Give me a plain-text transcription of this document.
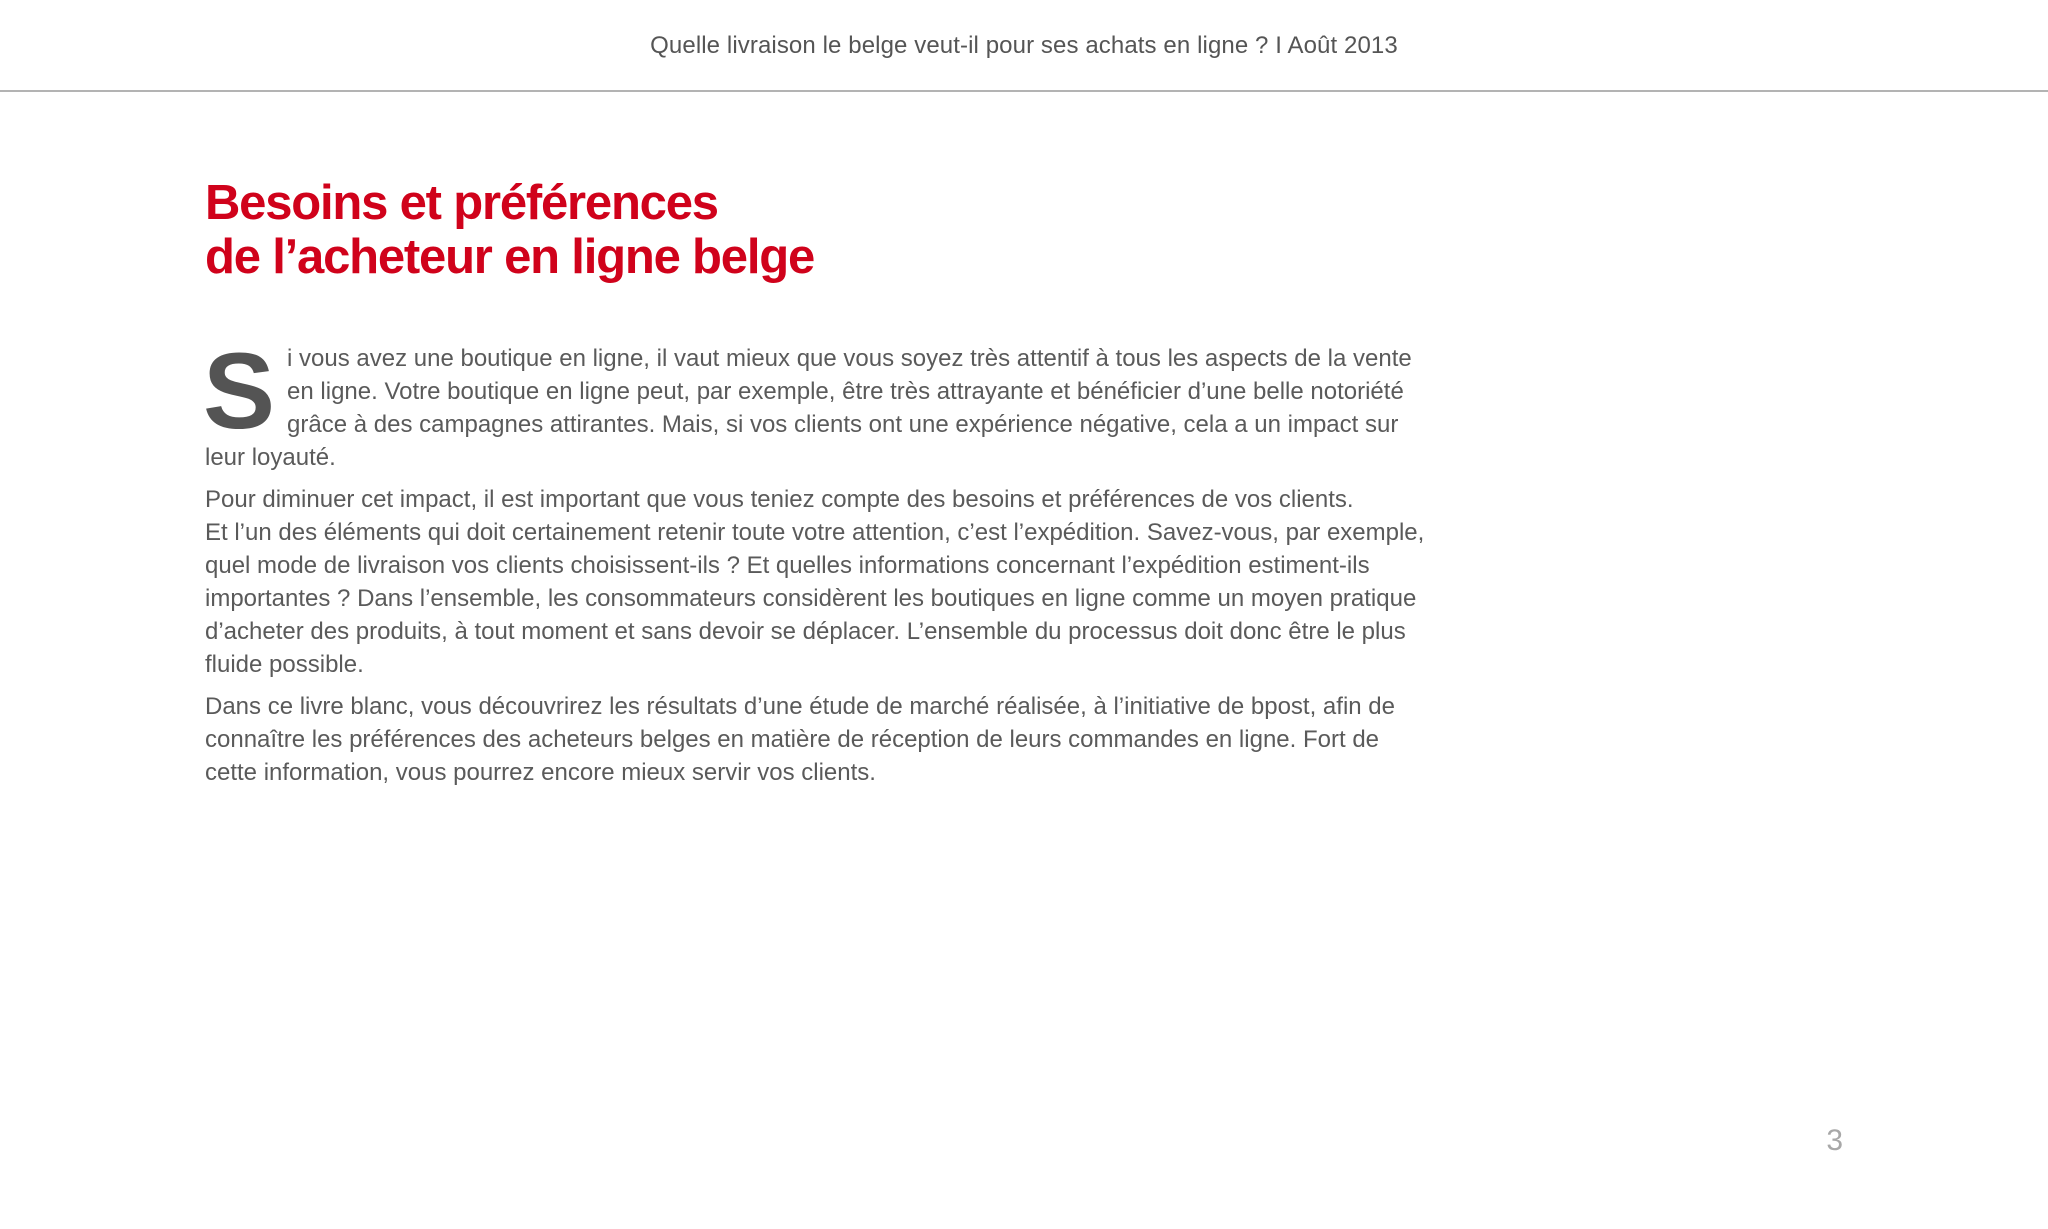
Quelle livraison le belge veut-il pour ses achats en ligne ? I Août 2013
Besoins et préférences
de l’acheteur en ligne belge

Si vous avez une boutique en ligne, il vaut mieux que vous soyez très attentif à tous les aspects de la vente en ligne. Votre boutique en ligne peut, par exemple, être très attrayante et bénéficier d’une belle notoriété grâce à des campagnes attirantes. Mais, si vos clients ont une expérience négative, cela a un impact sur leur loyauté.

Pour diminuer cet impact, il est important que vous teniez compte des besoins et préférences de vos clients.
Et l’un des éléments qui doit certainement retenir toute votre attention, c’est l’expédition. Savez-vous, par exemple, quel mode de livraison vos clients choisissent-ils ? Et quelles informations concernant l’expédition estiment-ils importantes ? Dans l’ensemble, les consommateurs considèrent les boutiques en ligne comme un moyen pratique d’acheter des produits, à tout moment et sans devoir se déplacer. L’ensemble du processus doit donc être le plus fluide possible.

Dans ce livre blanc, vous découvrirez les résultats d’une étude de marché réalisée, à l’initiative de bpost, afin de connaître les préférences des acheteurs belges en matière de réception de leurs commandes en ligne. Fort de cette information, vous pourrez encore mieux servir vos clients.

3
